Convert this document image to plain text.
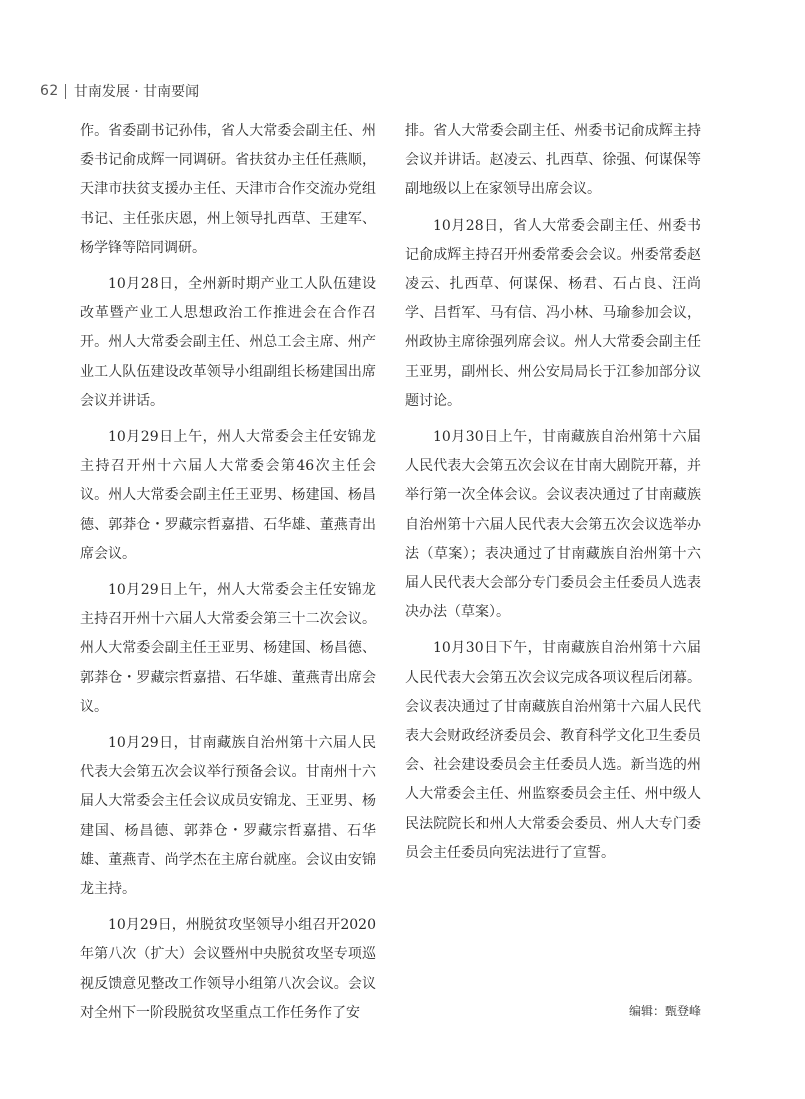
62 甘南发展 · 甘南要闻

作。省委副书记孙伟，省人大常委会副主任、州委书记俞成辉一同调研。省扶贫办主任任燕顺，天津市扶贫支援办主任、天津市合作交流办党组书记、主任张庆恩，州上领导扎西草、王建军、杨学锋等陪同调研。

10月28日，全州新时期产业工人队伍建设改革暨产业工人思想政治工作推进会在合作召开。州人大常委会副主任、州总工会主席、州产业工人队伍建设改革领导小组副组长杨建国出席会议并讲话。

10月29日上午，州人大常委会主任安锦龙主持召开州十六届人大常委会第46次主任会议。州人大常委会副主任王亚男、杨建国、杨昌德、郭莽仓・罗藏宗哲嘉措、石华雄、董燕青出席会议。

10月29日上午，州人大常委会主任安锦龙主持召开州十六届人大常委会第三十二次会议。州人大常委会副主任王亚男、杨建国、杨昌德、郭莽仓・罗藏宗哲嘉措、石华雄、董燕青出席会议。

10月29日，甘南藏族自治州第十六届人民代表大会第五次会议举行预备会议。甘南州十六届人大常委会主任会议成员安锦龙、王亚男、杨建国、杨昌德、郭莽仓・罗藏宗哲嘉措、石华雄、董燕青、尚学杰在主席台就座。会议由安锦龙主持。

10月29日，州脱贫攻坚领导小组召开2020年第八次（扩大）会议暨州中央脱贫攻坚专项巡视反馈意见整改工作领导小组第八次会议。会议对全州下一阶段脱贫攻坚重点工作任务作了安

排。省人大常委会副主任、州委书记俞成辉主持会议并讲话。赵凌云、扎西草、徐强、何谋保等副地级以上在家领导出席会议。

10月28日，省人大常委会副主任、州委书记俞成辉主持召开州委常委会会议。州委常委赵凌云、扎西草、何谋保、杨君、石占良、汪尚学、吕哲军、马有信、冯小林、马瑜参加会议，州政协主席徐强列席会议。州人大常委会副主任王亚男，副州长、州公安局局长于江参加部分议题讨论。

10月30日上午，甘南藏族自治州第十六届人民代表大会第五次会议在甘南大剧院开幕，并举行第一次全体会议。会议表决通过了甘南藏族自治州第十六届人民代表大会第五次会议选举办法（草案）；表决通过了甘南藏族自治州第十六届人民代表大会部分专门委员会主任委员人选表决办法（草案）。

10月30日下午，甘南藏族自治州第十六届人民代表大会第五次会议完成各项议程后闭幕。会议表决通过了甘南藏族自治州第十六届人民代表大会财政经济委员会、教育科学文化卫生委员会、社会建设委员会主任委员人选。新当选的州人大常委会主任、州监察委员会主任、州中级人民法院院长和州人大常委会委员、州人大专门委员会主任委员向宪法进行了宣誓。

编辑：甄登峰
